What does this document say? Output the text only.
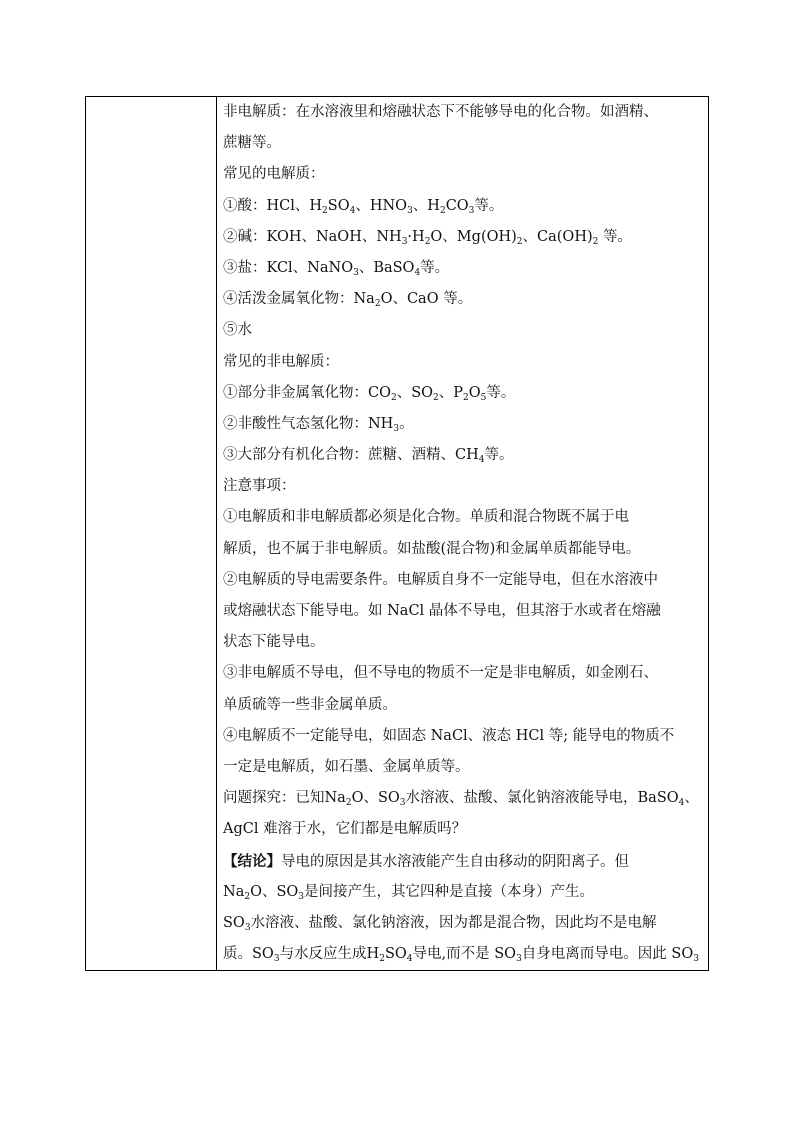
非电解质：在水溶液里和熔融状态下不能够导电的化合物。如酒精、
蔗糖等。
常见的电解质：
①酸：HCl、$H_2SO_4$、$HNO_3$、$H_2CO_3$等。
②碱：KOH、NaOH、$NH_3\cdot H_2O$、$Mg(OH)_2$、$Ca(OH)_2$ 等。
③盐：KCl、NaNO$_3$、BaSO$_4$等。
④活泼金属氧化物：$Na_2O$、CaO 等。
⑤水
常见的非电解质：
①部分非金属氧化物：$CO_2$、$SO_2$、$P_2O_5$等。
②非酸性气态氢化物：$NH_3$。
③大部分有机化合物：蔗糖、酒精、$CH_4$等。
注意事项：
①电解质和非电解质都必须是化合物。单质和混合物既不属于电
解质，也不属于非电解质。如盐酸(混合物)和金属单质都能导电。
②电解质的导电需要条件。电解质自身不一定能导电，但在水溶液中
或熔融状态下能导电。如 NaCl 晶体不导电，但其溶于水或者在熔融
状态下能导电。
③非电解质不导电，但不导电的物质不一定是非电解质，如金刚石、
单质硫等一些非金属单质。
④电解质不一定能导电，如固态 NaCl、液态 HCl 等; 能导电的物质不
一定是电解质，如石墨、金属单质等。
问题探究：已知$Na_2O$、$SO_3$水溶液、盐酸、氯化钠溶液能导电，BaSO$_4$、
AgCl 难溶于水，它们都是电解质吗？
【结论】导电的原因是其水溶液能产生自由移动的阴阳离子。但
$Na_2O$、$SO_3$是间接产生，其它四种是直接（本身）产生。
$SO_3$水溶液、盐酸、氯化钠溶液，因为都是混合物，因此均不是电解
质。$SO_3$与水反应生成$H_2SO_4$导电,而不是 $SO_3$自身电离而导电。因此 $SO_3$
